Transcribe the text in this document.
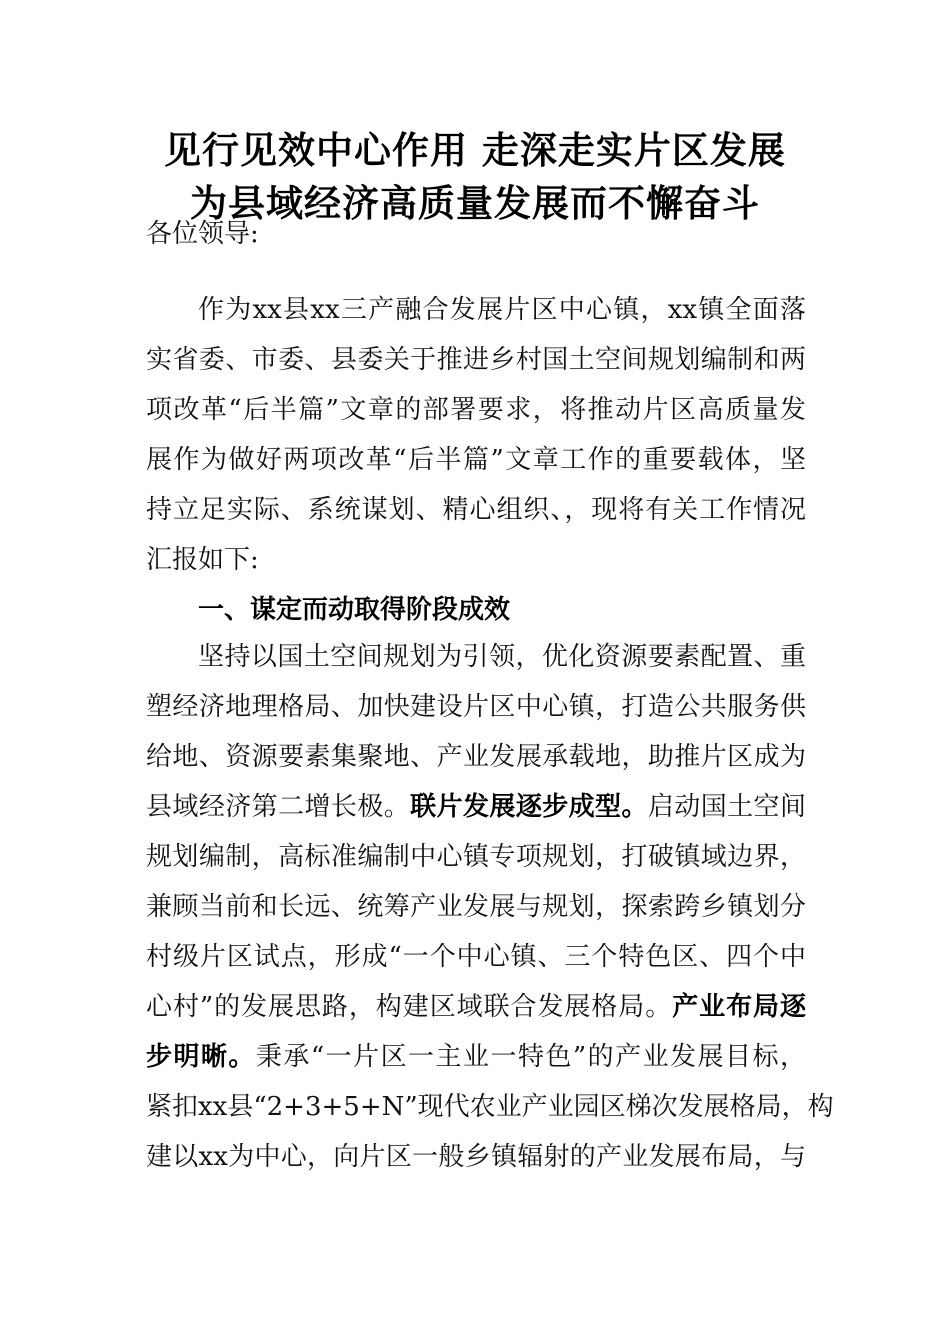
见行见效中心作用 走深走实片区发展
为县域经济高质量发展而不懈奋斗
各位领导:
作为xx县xx三产融合发展片区中心镇，xx镇全面落
实省委、市委、县委关于推进乡村国土空间规划编制和两
项改革“后半篇”文章的部署要求，将推动片区高质量发
展作为做好两项改革“后半篇”文章工作的重要载体，坚
持立足实际、系统谋划、精心组织、，现将有关工作情况
汇报如下:
一、谋定而动取得阶段成效
坚持以国土空间规划为引领，优化资源要素配置、重
塑经济地理格局、加快建设片区中心镇，打造公共服务供
给地、资源要素集聚地、产业发展承载地，助推片区成为
县域经济第二增长极。联片发展逐步成型。启动国土空间
规划编制，高标准编制中心镇专项规划，打破镇域边界，
兼顾当前和长远、统筹产业发展与规划，探索跨乡镇划分
村级片区试点，形成“一个中心镇、三个特色区、四个中
心村”的发展思路，构建区域联合发展格局。产业布局逐
步明晰。秉承“一片区一主业一特色”的产业发展目标，
紧扣xx县“2+3+5+N”现代农业产业园区梯次发展格局，构
建以xx为中心，向片区一般乡镇辐射的产业发展布局，与
